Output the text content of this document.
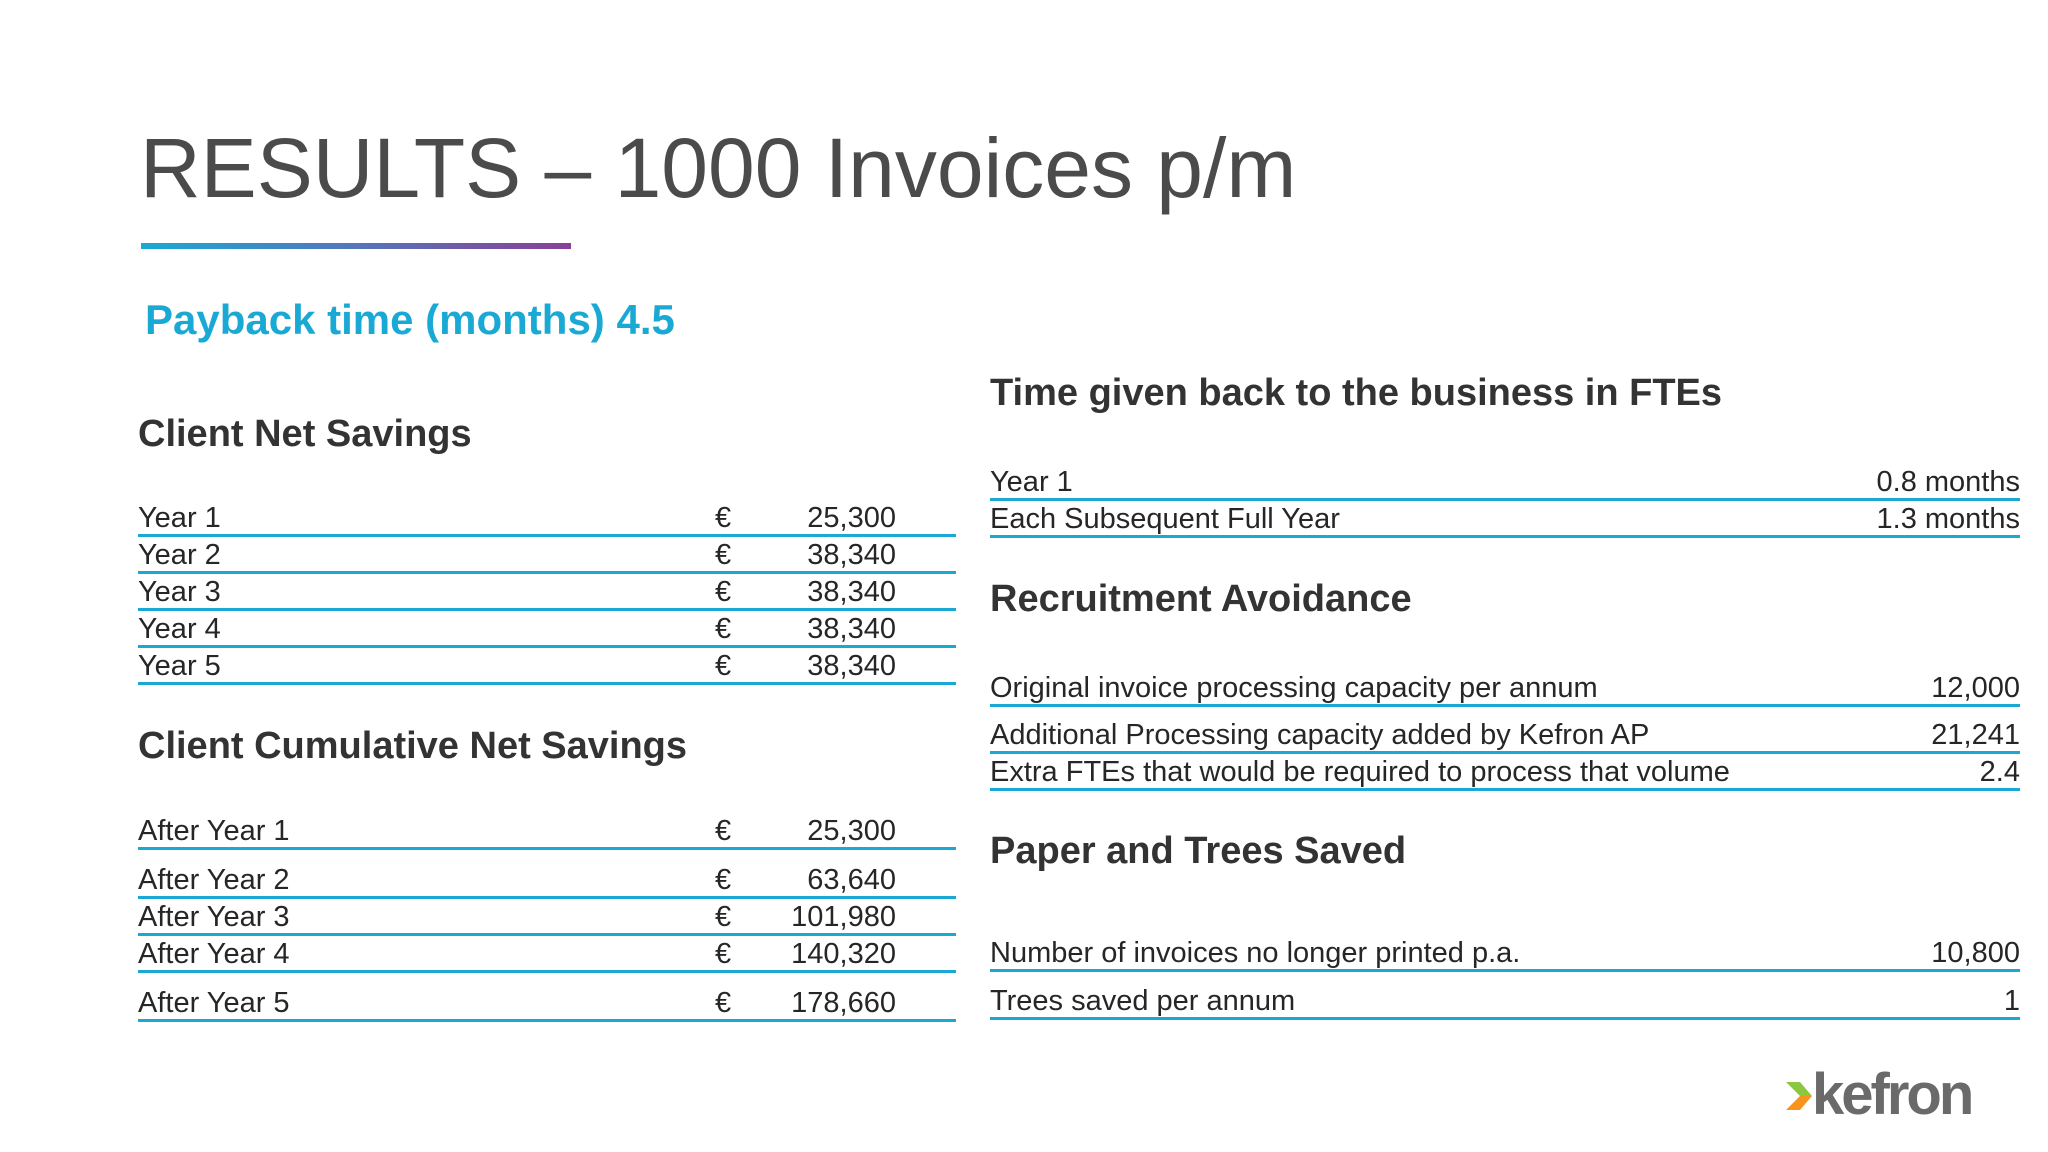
RESULTS – 1000 Invoices p/m
Payback time (months) 4.5
Client Net Savings
Year 1	€	25,300
Year 2	€	38,340
Year 3	€	38,340
Year 4	€	38,340
Year 5	€	38,340
Client Cumulative Net Savings
After Year 1	€	25,300
After Year 2	€	63,640
After Year 3	€ 101,980
After Year 4	€ 140,320
After Year 5	€ 178,660
Time given back to the business in FTEs
Year 1	0.8 months
Each Subsequent Full Year	1.3 months
Recruitment Avoidance
Original invoice processing capacity per annum	12,000
Additional Processing capacity added by Kefron AP	21,241
Extra FTEs that would be required to process that volume	2.4
Paper and Trees Saved
Number of invoices no longer printed p.a.	10,800
Trees saved per annum	1
kefron
